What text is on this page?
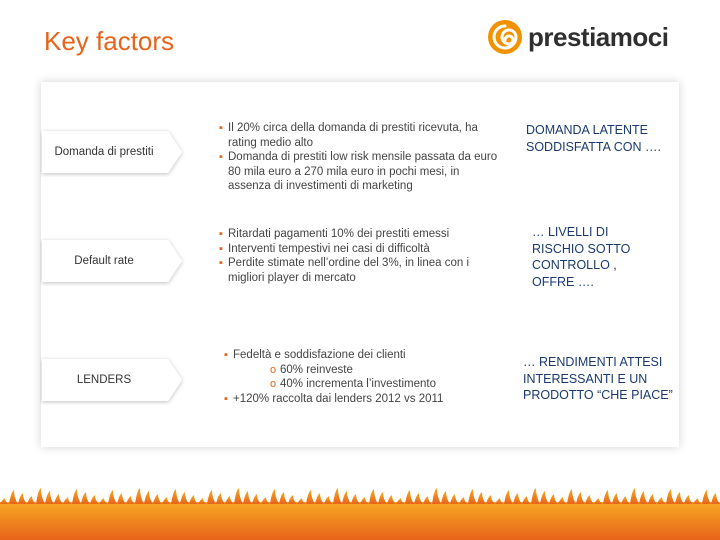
Key factors	prestiamoci
Domanda di prestiti
▪ Il 20% circa della domanda di prestiti ricevuta, ha rating medio alto
▪ Domanda di prestiti low risk mensile passata da euro 80 mila euro a 270 mila euro in pochi mesi, in assenza di investimenti di marketing
DOMANDA LATENTE SODDISFATTA CON ….
Default rate
▪ Ritardati pagamenti 10% dei prestiti emessi
▪ Interventi tempestivi nei casi di difficoltà
▪ Perdite stimate nell’ordine del 3%, in linea con i migliori player di mercato
… LIVELLI DI RISCHIO SOTTO CONTROLLO , OFFRE ….
LENDERS
▪ Fedeltà e soddisfazione dei clienti
o 60% reinveste
o 40% incrementa l’investimento
▪ +120% raccolta dai lenders 2012 vs 2011
… RENDIMENTI ATTESI INTERESSANTI E UN PRODOTTO “CHE PIACE”
